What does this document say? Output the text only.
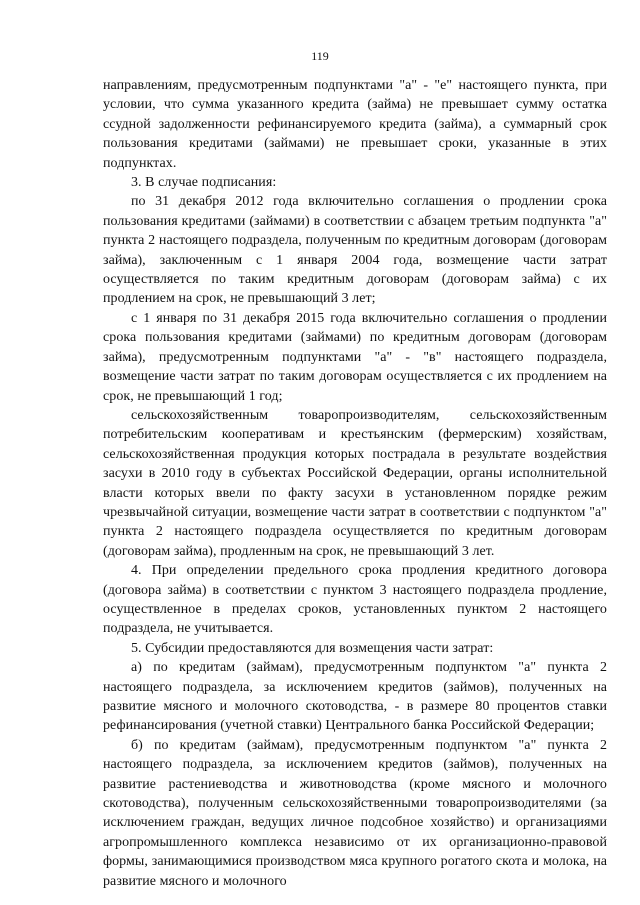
119

направлениям, предусмотренным подпунктами "а" - "е" настоящего пункта, при условии, что сумма указанного кредита (займа) не превышает сумму остатка ссудной задолженности рефинансируемого кредита (займа), а суммарный срок пользования кредитами (займами) не превышает сроки, указанные в этих подпунктах.

3. В случае подписания:

по 31 декабря 2012 года включительно соглашения о продлении срока пользования кредитами (займами) в соответствии с абзацем третьим подпункта "а" пункта 2 настоящего подраздела, полученным по кредитным договорам (договорам займа), заключенным с 1 января 2004 года, возмещение части затрат осуществляется по таким кредитным договорам (договорам займа) с их продлением на срок, не превышающий 3 лет;

с 1 января по 31 декабря 2015 года включительно соглашения о продлении срока пользования кредитами (займами) по кредитным договорам (договорам займа), предусмотренным подпунктами "а" - "в" настоящего подраздела, возмещение части затрат по таким договорам осуществляется с их продлением на срок, не превышающий 1 год;

сельскохозяйственным товаропроизводителям, сельскохозяйственным потребительским кооперативам и крестьянским (фермерским) хозяйствам, сельскохозяйственная продукция которых пострадала в результате воздействия засухи в 2010 году в субъектах Российской Федерации, органы исполнительной власти которых ввели по факту засухи в установленном порядке режим чрезвычайной ситуации, возмещение части затрат в соответствии с подпунктом "а" пункта 2 настоящего подраздела осуществляется по кредитным договорам (договорам займа), продленным на срок, не превышающий 3 лет.

4. При определении предельного срока продления кредитного договора (договора займа) в соответствии с пунктом 3 настоящего подраздела продление, осуществленное в пределах сроков, установленных пунктом 2 настоящего подраздела, не учитывается.

5. Субсидии предоставляются для возмещения части затрат:

а) по кредитам (займам), предусмотренным подпунктом "а" пункта 2 настоящего подраздела, за исключением кредитов (займов), полученных на развитие мясного и молочного скотоводства, - в размере 80 процентов ставки рефинансирования (учетной ставки) Центрального банка Российской Федерации;

б) по кредитам (займам), предусмотренным подпунктом "а" пункта 2 настоящего подраздела, за исключением кредитов (займов), полученных на развитие растениеводства и животноводства (кроме мясного и молочного скотоводства), полученным сельскохозяйственными товаропроизводителями (за исключением граждан, ведущих личное подсобное хозяйство) и организациями агропромышленного комплекса независимо от их организационно-правовой формы, занимающимися производством мяса крупного рогатого скота и молока, на развитие мясного и молочного
